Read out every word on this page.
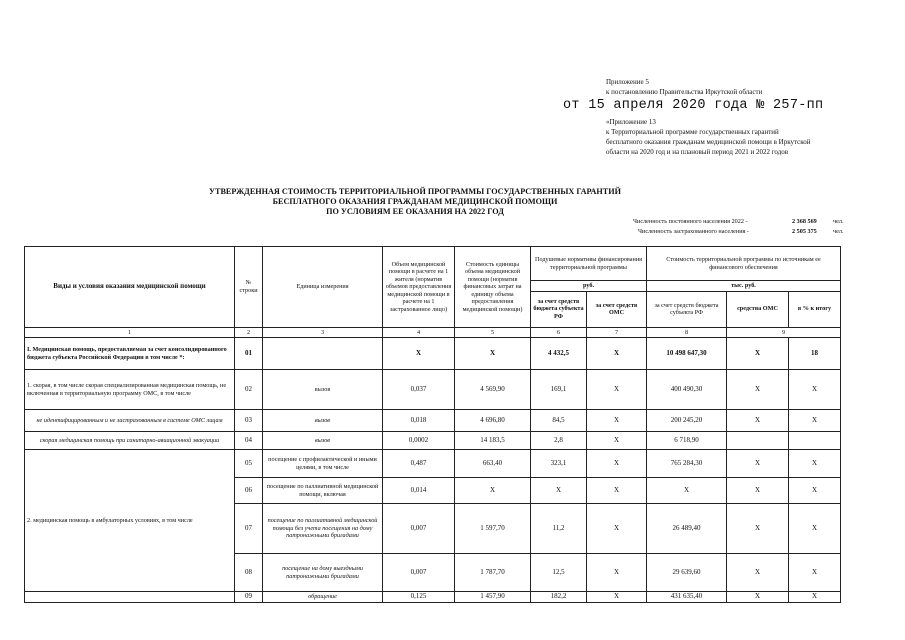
Приложение 5
к постановлению Правительства Иркутской области
от 15 апреля 2020 года № 257-пп
«Приложение 13
к Территориальной программе государственных гарантий
бесплатного оказания гражданам медицинской помощи в Иркутской
области на 2020 год и на плановый период 2021 и 2022 годов
УТВЕРЖДЕННАЯ СТОИМОСТЬ ТЕРРИТОРИАЛЬНОЙ ПРОГРАММЫ ГОСУДАРСТВЕННЫХ ГАРАНТИЙ
БЕСПЛАТНОГО ОКАЗАНИЯ ГРАЖДАНАМ МЕДИЦИНСКОЙ ПОМОЩИ
ПО УСЛОВИЯМ ЕЕ ОКАЗАНИЯ НА 2022 ГОД
Численность постоянного населения 2022 -	2 368 569	чел.
Численность застрахованного населения -	2 505 375	чел.
Виды и условия оказания медицинской помощи	№ строки	Единица измерения	Объем медицинской помощи в расчете на 1 жителя (норматив объемов предоставления медицинской помощи в расчете на 1 застрахованное лицо)	Стоимость единицы объема медицинской помощи (норматив финансовых затрат на единицу объема предоставления медицинской помощи)	Подушевые нормативы финансирования территориальной программы		Стоимость территориальной программы по источникам ее финансового обеспечения		
					руб.		тыс. руб.		
					за счет средств бюджета субъекта РФ	за счет средств ОМС	за счет средств бюджета субъекта РФ	средства ОМС	в % к итогу
1	2	3	4	5	6	7	8	9	
I. Медицинская помощь, предоставляемая за счет консолидированного бюджета субъекта Российской Федерации в том числе *:	01		X	X	4 432,5	X	10 498 647,30	X	18
1. скорая, в том числе скорая специализированная медицинская помощь, не включенная в территориальную программу ОМС, в том числе	02	вызов	0,037	4 569,90	169,1	X	400 490,30	X	X
не идентифицированным и не застрахованным в системе ОМС лицам	03	вызов	0,018	4 696,80	84,5	X	200 245,20	X	X
скорая медицинская помощь при санитарно-авиационной эвакуации	04	вызов	0,0002	14 183,5	2,8	X	6 718,90		
2. медицинская помощь в амбулаторных условиях, в том числе	05	посещение с профилактической и иными целями, в том числе	0,487	663,40	323,1	X	765 284,30	X	X
	06	посещение по паллиативной медицинской помощи, включая	0,014	X	X	X	X	X	X
	07	посещение по паллиативной медицинской помощи без учета посещения на дому патронажными бригадами	0,007	1 597,70	11,2	X	26 489,40	X	X
	08	посещение на дому выездными патронажными бригадами	0,007	1 787,70	12,5	X	29 639,60	X	X
	09	обращение	0,125	1 457,90	182,2	X	431 635,40	X	X
